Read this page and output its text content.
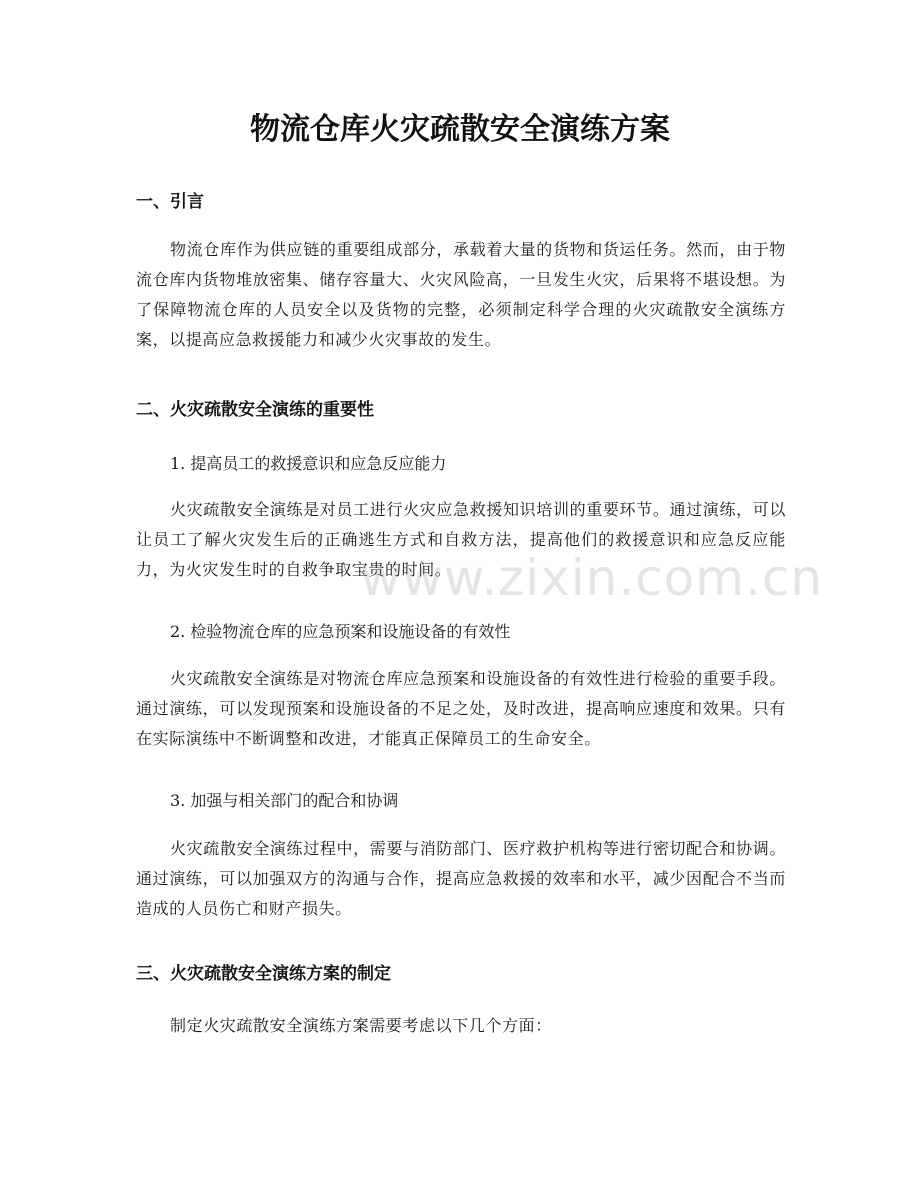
物流仓库火灾疏散安全演练方案
一、引言
物流仓库作为供应链的重要组成部分，承载着大量的货物和货运任务。然而，由于物流仓库内货物堆放密集、储存容量大、火灾风险高，一旦发生火灾，后果将不堪设想。为了保障物流仓库的人员安全以及货物的完整，必须制定科学合理的火灾疏散安全演练方案，以提高应急救援能力和减少火灾事故的发生。
二、火灾疏散安全演练的重要性
1. 提高员工的救援意识和应急反应能力
火灾疏散安全演练是对员工进行火灾应急救援知识培训的重要环节。通过演练，可以让员工了解火灾发生后的正确逃生方式和自救方法，提高他们的救援意识和应急反应能力，为火灾发生时的自救争取宝贵的时间。
2. 检验物流仓库的应急预案和设施设备的有效性
火灾疏散安全演练是对物流仓库应急预案和设施设备的有效性进行检验的重要手段。通过演练，可以发现预案和设施设备的不足之处，及时改进，提高响应速度和效果。只有在实际演练中不断调整和改进，才能真正保障员工的生命安全。
3. 加强与相关部门的配合和协调
火灾疏散安全演练过程中，需要与消防部门、医疗救护机构等进行密切配合和协调。通过演练，可以加强双方的沟通与合作，提高应急救援的效率和水平，减少因配合不当而造成的人员伤亡和财产损失。
三、火灾疏散安全演练方案的制定
制定火灾疏散安全演练方案需要考虑以下几个方面：
www.zixin.com.cn
